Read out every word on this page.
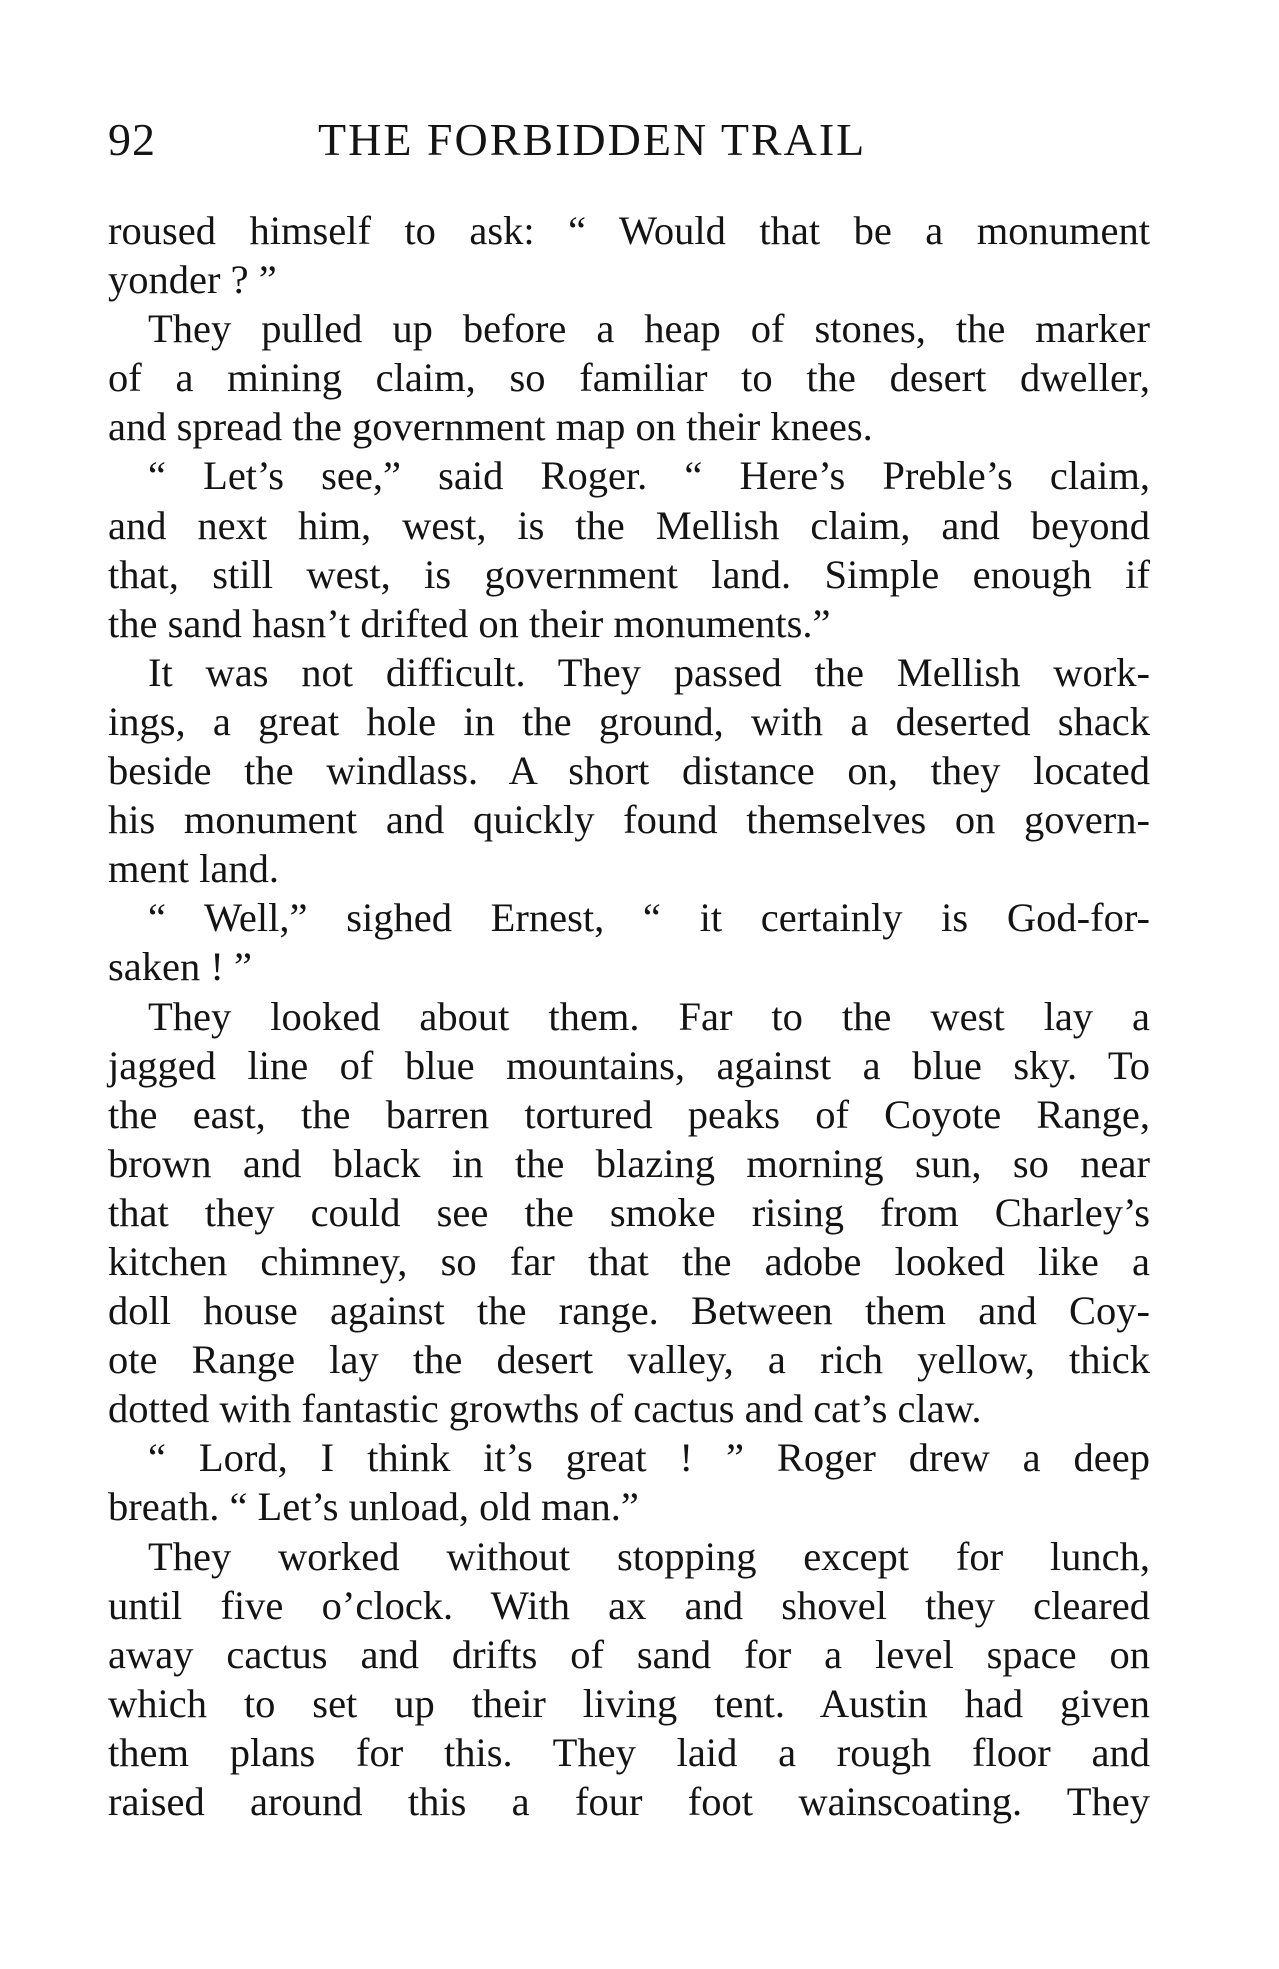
92	THE FORBIDDEN TRAIL
roused himself to ask: “ Would that be a monument
yonder ? ”
They pulled up before a heap of stones, the marker
of a mining claim, so familiar to the desert dweller,
and spread the government map on their knees.
“ Let’s see,” said Roger. “ Here’s Preble’s claim,
and next him, west, is the Mellish claim, and beyond
that, still west, is government land. Simple enough if
the sand hasn’t drifted on their monuments.”
It was not difficult. They passed the Mellish work-
ings, a great hole in the ground, with a deserted shack
beside the windlass. A short distance on, they located
his monument and quickly found themselves on govern-
ment land.
“ Well,” sighed Ernest, “ it certainly is God-for-
saken ! ”
They looked about them. Far to the west lay a
jagged line of blue mountains, against a blue sky. To
the east, the barren tortured peaks of Coyote Range,
brown and black in the blazing morning sun, so near
that they could see the smoke rising from Charley’s
kitchen chimney, so far that the adobe looked like a
doll house against the range. Between them and Coy-
ote Range lay the desert valley, a rich yellow, thick
dotted with fantastic growths of cactus and cat’s claw.
“ Lord, I think it’s great ! ” Roger drew a deep
breath. “ Let’s unload, old man.”
They worked without stopping except for lunch,
until five o’clock. With ax and shovel they cleared
away cactus and drifts of sand for a level space on
which to set up their living tent. Austin had given
them plans for this. They laid a rough floor and
raised around this a four foot wainscoating. They
